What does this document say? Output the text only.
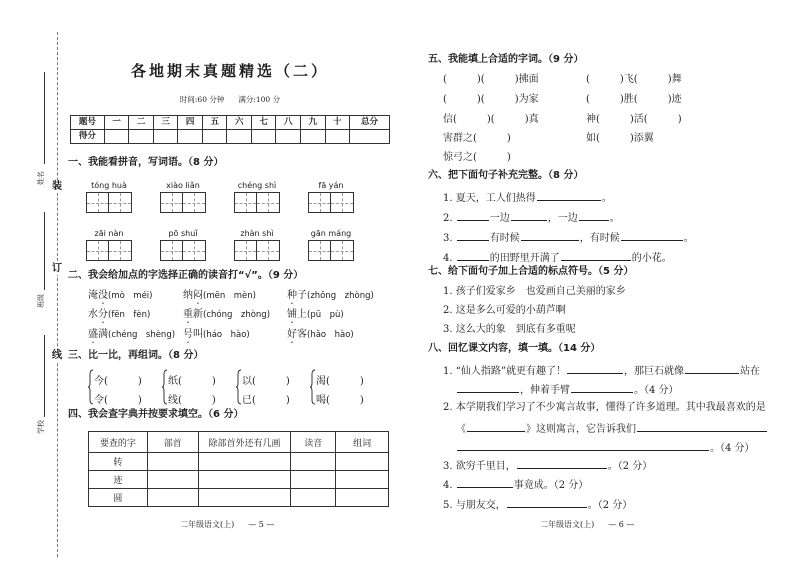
姓名
班级
学校
装
订
线
各地期末真题精选（二）
时间:60 分钟 满分:100 分
题号	一	二	三	四	五	六	七	八	九	十	总分
得分											
一、我能看拼音，写词语。（8 分）
tóng huà	xiào liǎn	chéng shì	fā yán
zāi nàn	pō shuǐ	zhàn shì	gān máng
二、我会给加点的字选择正确的读音打“√”。（9 分）
淹没(mò　méi)	纳闷(mēn　mèn)	种子(zhǒng　zhòng)
水分(fēn　fèn)	重新(chóng　zhòng) 铺上(pū　pù)
盛满(chéng　shèng) 号叫(háo　hào)	好客(hǎo　hào)
三、比一比，再组词。（8 分）
今(　　　)
令(　　　)
纸(　　　)
线(　　　)
以(　　　)
已(　　　)
渴(　　　)
喝(　　　)
四、我会查字典并按要求填空。（6 分）
要查的字	部首	除部首外还有几画	读音	组词
转				
迹				
圆				
二年级语文(上) — 5 —
五、我能填上合适的字词。（9 分）
(　　　)(　　　)拂面
(　　　)(　　　)为家
信(　　　)(　　　)真
害群之(　　　)
惊弓之(　　　)
(　　　)飞(　　　)舞
(　　　)胜(　　　)迹
神(　　　)活(　　　)
如(　　　)添翼
六、把下面句子补充完整。（8 分）
1. 夏天，工人们热得	。
2.	一边	，一边	。
3.	有时候	，有时候	。
4.	的田野里开满了	的小花。
七、给下面句子加上合适的标点符号。（5 分）
1. 孩子们爱家乡　也爱画自己美丽的家乡
2. 这是多么可爱的小葫芦啊
3. 这么大的象　到底有多重呢
八、回忆课文内容，填一填。（14 分）
1. “仙人指路”就更有趣了！	，那巨石就像	站在
，伸着手臂	。（4 分）
2. 本学期我们学习了不少寓言故事，懂得了许多道理。其中我最喜欢的是
《	》这则寓言，它告诉我们
。（4 分）
3. 欲穷千里目，	。（2 分）
4.	事竟成。（2 分）
5. 与朋友交，	。（2 分）
二年级语文(上) — 6 —
